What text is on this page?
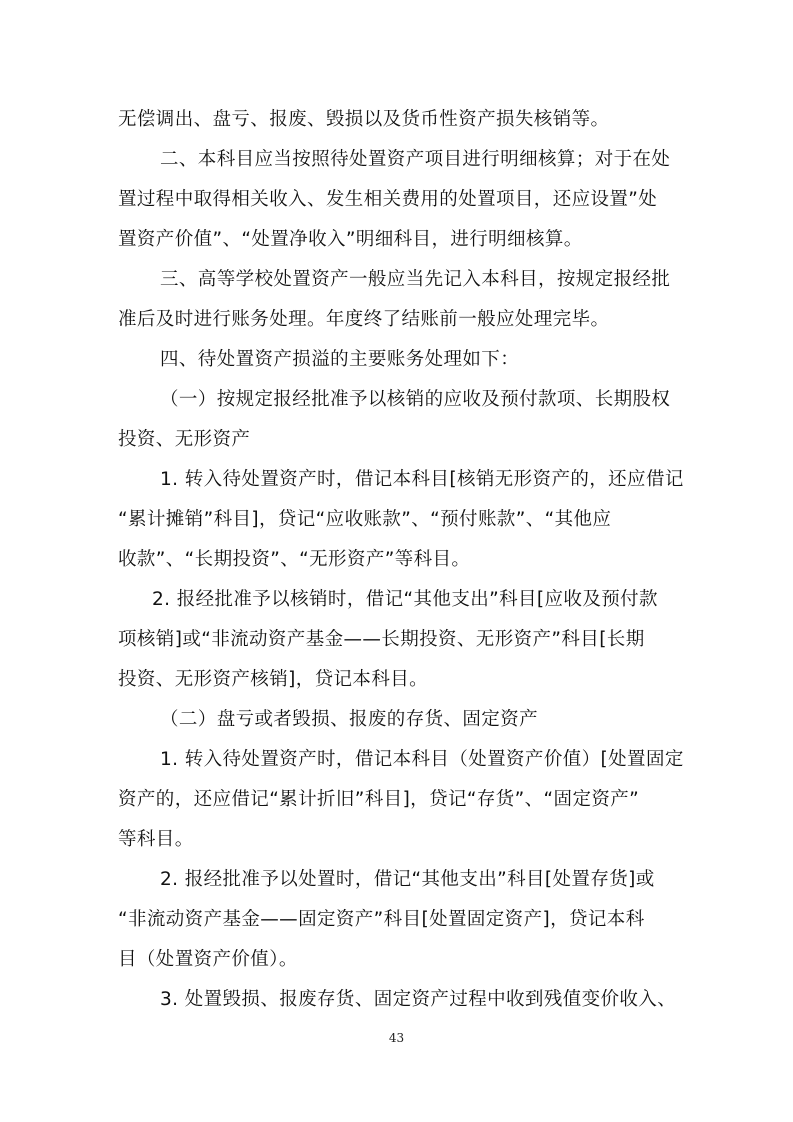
无偿调出、盘亏、报废、毁损以及货币性资产损失核销等。
二、本科目应当按照待处置资产项目进行明细核算；对于在处
置过程中取得相关收入、发生相关费用的处置项目，还应设置”处
置资产价值”、“处置净收入”明细科目，进行明细核算。
三、高等学校处置资产一般应当先记入本科目，按规定报经批
准后及时进行账务处理。年度终了结账前一般应处理完毕。
四、待处置资产损溢的主要账务处理如下：
（一）按规定报经批准予以核销的应收及预付款项、长期股权
投资、无形资产
1. 转入待处置资产时，借记本科目[核销无形资产的，还应借记
“累计摊销”科目]，贷记“应收账款”、“预付账款”、“其他应
收款”、“长期投资”、“无形资产”等科目。
2. 报经批准予以核销时，借记“其他支出”科目[应收及预付款
项核销]或“非流动资产基金——长期投资、无形资产”科目[长期
投资、无形资产核销]，贷记本科目。
（二）盘亏或者毁损、报废的存货、固定资产
1. 转入待处置资产时，借记本科目（处置资产价值）[处置固定
资产的，还应借记“累计折旧”科目]，贷记“存货”、“固定资产”
等科目。
2. 报经批准予以处置时，借记“其他支出”科目[处置存货]或
“非流动资产基金——固定资产”科目[处置固定资产]，贷记本科
目（处置资产价值）。
3. 处置毁损、报废存货、固定资产过程中收到残值变价收入、
43
